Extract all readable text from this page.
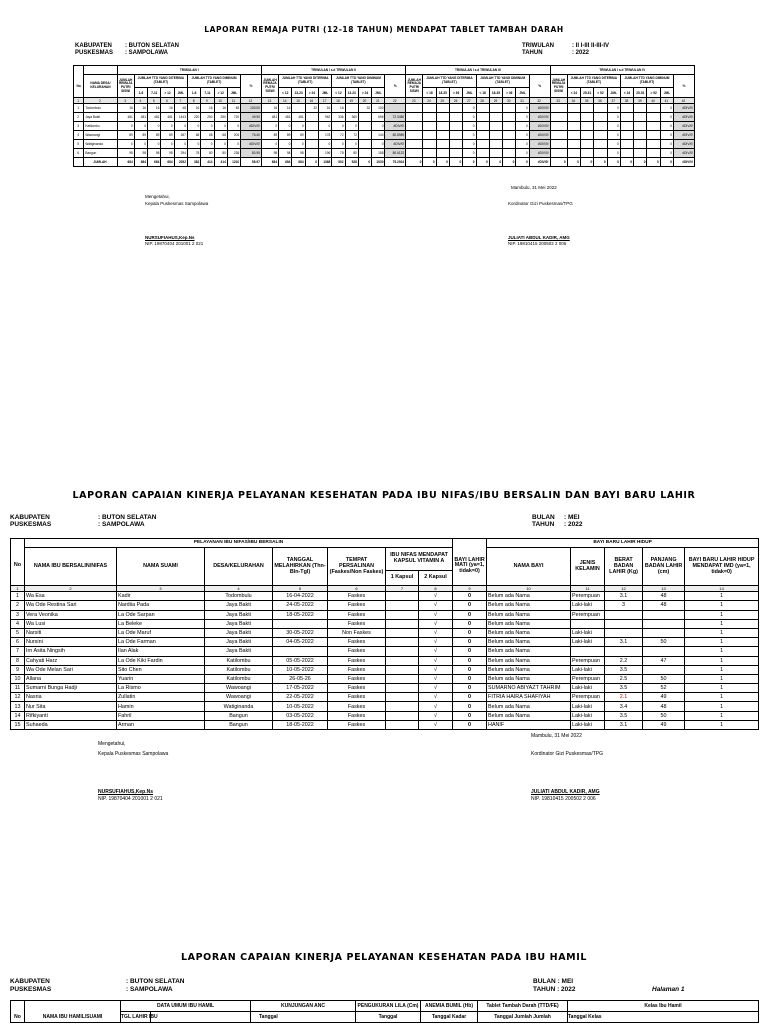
LAPORAN REMAJA PUTRI (12-18 TAHUN) MENDAPAT TABLET TAMBAH DARAH
KABUPATEN : BUTON SELATAN
PUSKESMAS : SAMPOLAWA
TRIWULAN	: II I-III II-III-IV
TAHUN	: 2022
		TRIWULAN I										TRIWULAN I s.d TRIWULAN II										TRIWULAN I s.d TRIWULAN III										TRIWULAN I s.d TRIWULAN IV									
No	NAMA DESA/ KELURAHAN	JUMLAH REMAJA PUTRI SISWI	JUMLAH TTD YANG DITERIMA (TABLET)				JUMLAH TTD YANG DIMINUM (TABLET)				%	JUMLAH REMAJA PUTRI SISWI	JUMLAH TTD YANG DITERIMA (TABLET)				JUMLAH TTD YANG DIMINUM (TABLET)				%	JUMLAH REMAJA PUTRI SISWI	JUMLAH TTD YANG DITERIMA (TABLET)				JUMLAH TTD YANG DIMINUM (TABLET)				%	JUMLAH REMAJA PUTRI SISWI	JUMLAH TTD YANG DITERIMA (TABLET)				JUMLAH TTD YANG DIMINUM (TABLET)				%
			1-6	7-11	> 12	JML	1-6	7-11	> 12	JML			< 12	13-23	> 24	JML	< 12	13-23	> 24	JML			< 18	18-35	> 36	JML	< 18	18-35	> 36	JML			< 24	25-51	> 52	JML	< 24	25-51	> 52	JML	
1	2	3	4	5	6	7	8	9	10	11	12	13	14	15	16	17	18	19	20	21	22	23	24	25	26	27	28	29	30	31	32	33	34	35	36	37	38	39	40	41	42
1	Todombulu	16	16	16	16	48	16	16	16	48	100.00	16	16		32	16	16		32	100						0				0	#DIV/0!					0				0	#DIV/0!
2	Jaya Bakti	481	481	481	481	1443	220	250	250	720	49.90	481	481	481		962	336	360		696	72.3480					0				0	#DIV/0!					0				0	#DIV/0!
3	Katilombu	0	0	0	0	0	0	0	0	0	#DIV/0!	0	0	0		0	0	0		0	#DIV/0!					0				0	#DIV/0!					0				0	#DIV/0!
4	Wawoangi	89	89	89	89	267	68	68	68	204	76.40	89	89	89		178	72	72		144	80.8989					0				0	#DIV/0!					0				0	#DIV/0!
5	Watiginanda	0	0	0	0	0	0	0	0	0	#DIV/0!	0	0	0		0	0	0		0	#DIV/0!					0				0	#DIV/0!					0				0	#DIV/0!
6	Bangun	98	98	98	98	294	78	80	80	238	80.95	98	98	98		196	78	80		158	80.6122					0				0	#DIV/0!					0				0	#DIV/0!
	JUMLAH	684	684	684	684	2052	382	414	414	1210	58.97	684	684	684	0	1368	502	528	0	1030	75.2924	0	0	0	0	0	0	0	0	0	#DIV/0!	0	0	0	0	0	0	0	0	0	#DIV/0!
Mambulu, 31 Mei 2022
Mengetahui,
Kepala Puskesmas Sampolawa	Kordinator Gizi Puskesmas/TPG
NURSUFIAHUS,Kep.Ns
NIP. 19870404 201001 2 021
JULIATI ABDUL KADIR, AMG
NIP. 19810415 200502 2 006
LAPORAN CAPAIAN KINERJA PELAYANAN KESEHATAN PADA IBU NIFAS/IBU BERSALIN DAN BAYI BARU LAHIR
KABUPATEN	: BUTON SELATAN
PUSKESMAS	: SAMPOLAWA
BULAN : MEI
TAHUN : 2022
	PELAYANAN IBU NIFAS/IBU BERSALIN								BAYI BARU LAHIR HIDUP				
No	NAMA IBU BERSALIN/NIFAS	NAMA SUAMI	DESA/KELURAHAN	TANGGAL MELAHIRKAN (Thn-Bln-Tgl)	TEMPAT PERSALINAN (Faskes/Non Faskes)	IBU NIFAS MENDAPAT KAPSUL VITAMIN A		BAYI LAHIR MATI (ya=1, tidak=0)	NAMA BAYI	JENIS KELAMIN	BERAT BADAN LAHIR (Kg)	PANJANG BADAN LAHIR (cm)	BAYI BARU LAHIR HIDUP MENDAPAT IMD (ya=1, tidak=0)
						1 Kapsul	2 Kapsul						
1	2	3	4	5	6	7	8	9	10	11	12	13	14
1	Wa Esa	Kadir	Todombulu	16-04-2022	Faskes		√	0	Belum ada Nama	Perempuan	3.1	48	1
2	Wa Ode Restina Sari	Nardiia Pada	Jaya Bakti	24-05-2022	Faskes		√	0	Belum ada Nama	Laki-laki	3	48	1
3	Vera Veonika	La Ode Sarpan	Jaya Bakti	18-05-2022	Faskes		√	0	Belum ada Nama	Perempuan			1
4	Wa Lusi	La Beleke	Jaya Bakti		Faskes		√	0	Belum ada Nama				1
5	Narsiti	La Ode Maruf	Jaya Bakti	30-05-2022	Non Faskes		√	0	Belum ada Nama	Laki-laki			1
6	Nursini	La Ode Farman	Jaya Bakti	04-05-2022	Faskes		√	0	Belum ada Nama	Laki-laki	3.1	50	1
7	Irn Asita Ningsih	Ilan Alak	Jaya Bakti		Faskes		√	0	Belum ada Nama				1
8	Cahyati Harz	La Ode Kiki Fardin	Katilombu	05-05-2022	Faskes		√	0	Belum ada Nama	Perempuan	2.2	47	1
9	Wa Ode Melan Sari	Sito Chen	Katilombu	10-05-2022	Faskes		√	0	Belum ada Nama	Laki-laki	3.5		1
10	Allana	Yuarin	Katilombu	26-05-26	Faskes		√	0	Belum ada Nama	Perempuan	2.5	50	1
11	Sumarni Bunga Hadji	La Rismo	Wawoangi	17-05-2022	Faskes		√	0	SUMARNO ABIYAZT TAHRIM	Laki-laki	3.5	52	1
12	Nasria	Zullatin	Wawoangi	22-05-2022	Faskes		√	0	FITRIA HAIRA SHAFIYAH	Perempuan	2.1	49	1
13	Nur Sita	Hamin	Watiginanda	10-05-2022	Faskes		√	0	Belum ada Nama	Laki-laki	3.4	48	1
14	Rifkiyanti	Fahril	Bangun	03-05-2022	Faskes		√	0	Belum ada Nama	Laki-laki	3.5	50	1
15	Suhaeda	Arman	Bangun	18-05-2022	Faskes		√	0	HANIF	Laki-laki	3.1	49	1
Mambulu, 31 Mei 2022
Mengetahui,
Kepala Puskesmas Sampolawa	Kordinator Gizi Puskesmas/TPG
NURSUFIAHUS,Kep.Ns
NIP. 19870404 201001 2 021
JULIATI ABDUL KADIR, AMG
NIP. 19810415 200502 2 006
LAPORAN CAPAIAN KINERJA PELAYANAN KESEHATAN PADA IBU HAMIL
KABUPATEN	: BUTON SELATAN
PUSKESMAS	: SAMPOLAWA
BULAN : MEI
TAHUN : 2022	Halaman 1
		DATA UMUM IBU HAMIL		KUNJUNGAN ANC	PENGUKURAN LILA (Cm)	ANEMIA BUMIL (Hb)	Tablet Tambah Darah (TTD/FE)	Kelas Ibu Hamil
No	NAMA IBU HAMIL/SUAMI	TGL LAHIR IBU		Tanggal	Tanggal	Tanggal Kadar	Tanggal Jumlah Jumlah	Tanggal Kelas
